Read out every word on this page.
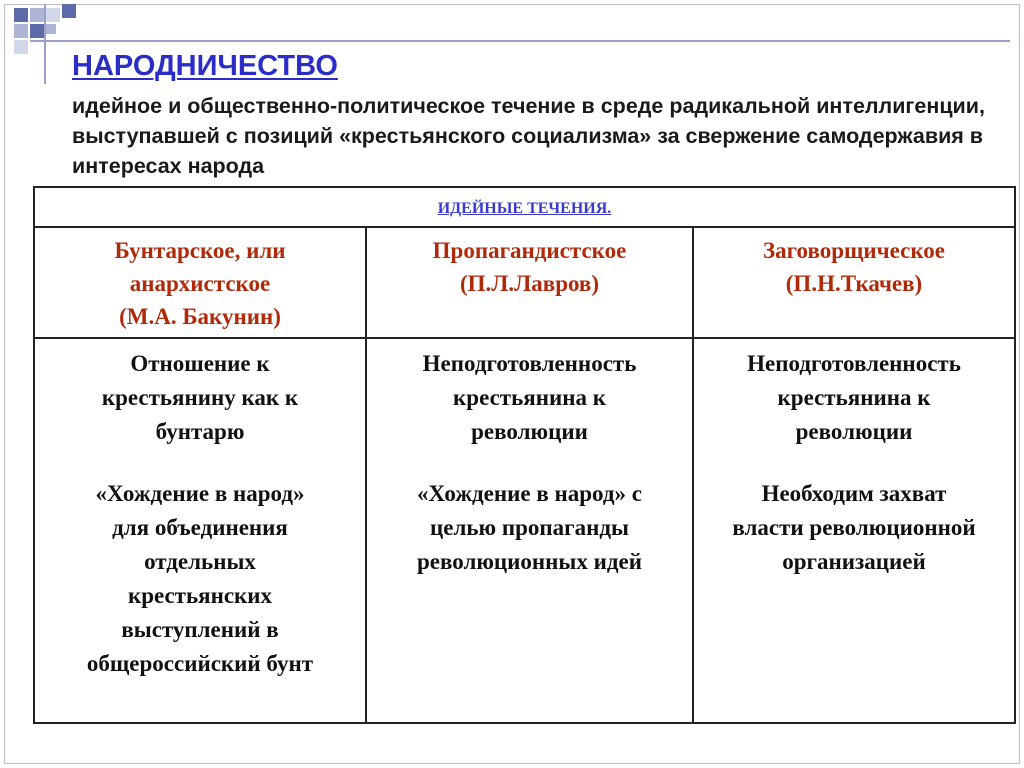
НАРОДНИЧЕСТВО

идейное и общественно-политическое течение в среде радикальной интеллигенции, выступавшей с позиций «крестьянского социализма» за свержение самодержавия в интересах народа

ИДЕЙНЫЕ ТЕЧЕНИЯ.

Бунтарское, или
анархистское
(М.А. Бакунин)

Пропагандистское
(П.Л.Лавров)

Заговорщическое
(П.Н.Ткачев)

Отношение к
крестьянину как к
бунтарю

«Хождение в народ»
для объединения
отдельных
крестьянских
выступлений в
общероссийский бунт

Неподготовленность
крестьянина к
революции

«Хождение в народ» с
целью пропаганды
революционных идей

Неподготовленность
крестьянина к
революции

Необходим захват
власти революционной
организацией
